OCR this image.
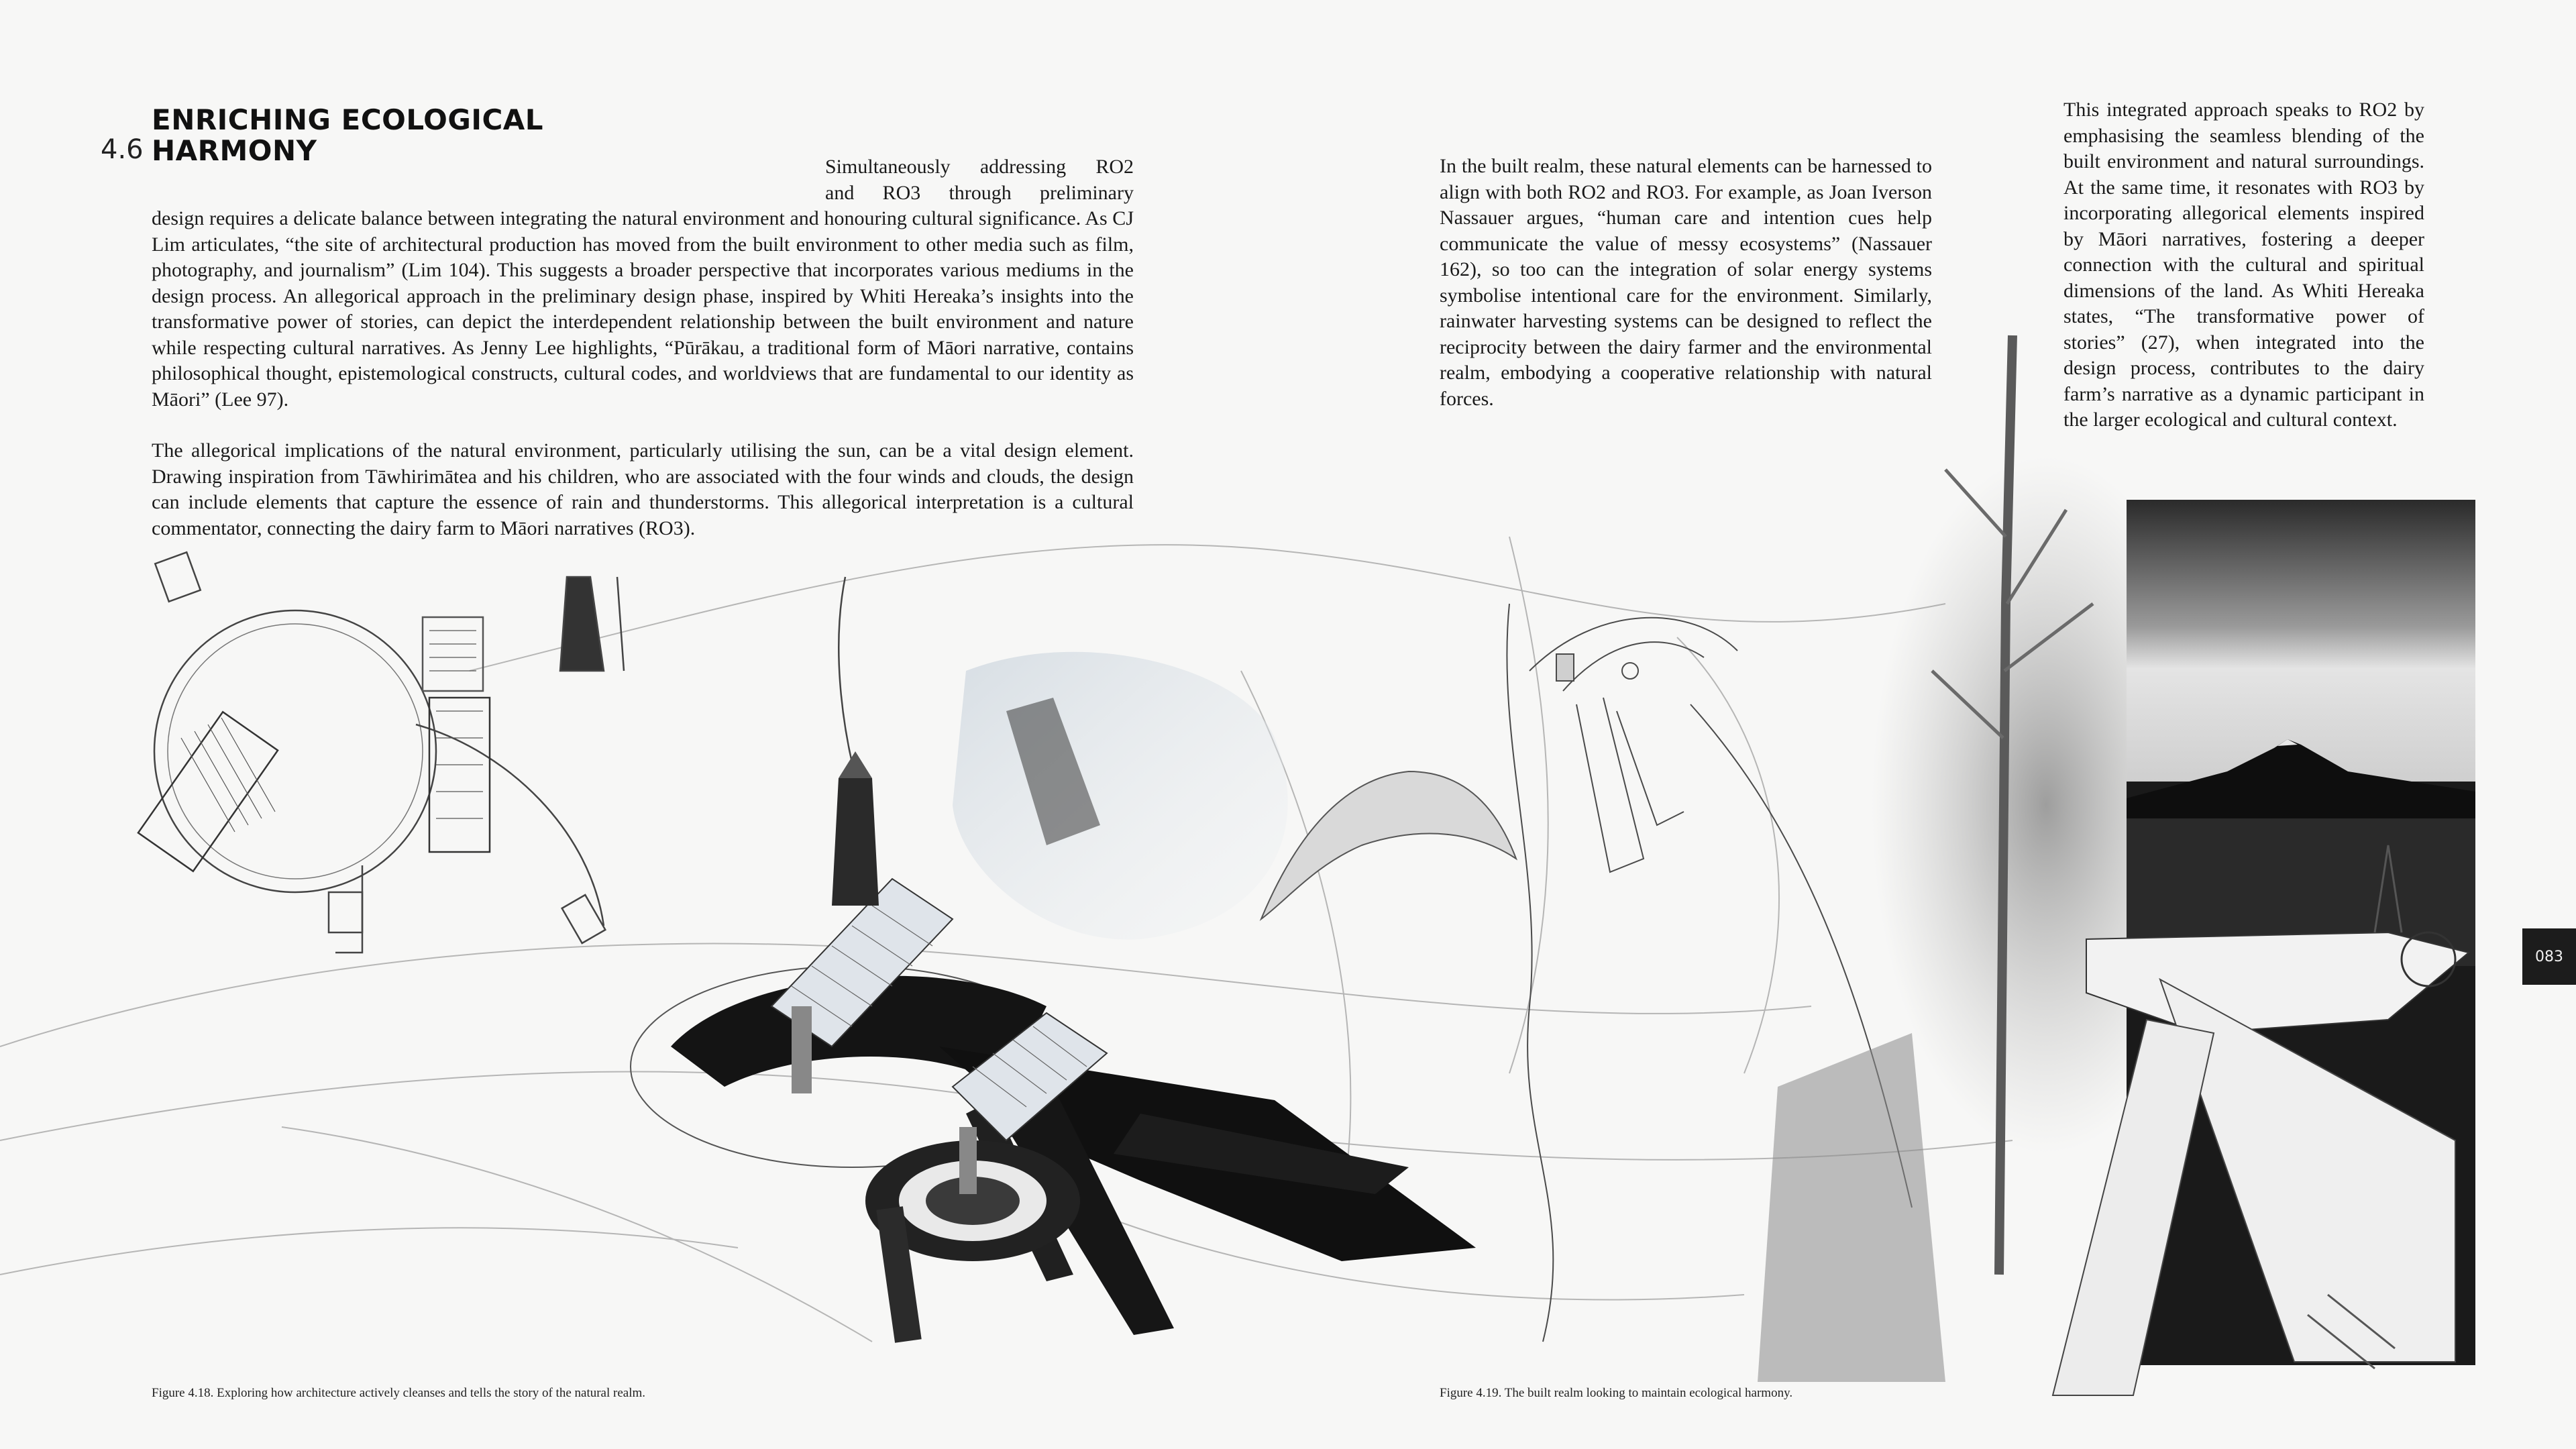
4.6
ENRICHING ECOLOGICAL
HARMONY	Simultaneously addressing RO2
and RO3 through preliminary
design requires a delicate balance between integrating the natural environment and honouring cultural significance. As CJ Lim articulates, “the site of architectural production has moved from the built environment to other media such as film, photography, and journalism” (Lim 104). This suggests a broader perspective that incorporates various mediums in the design process. An allegorical approach in the preliminary design phase, inspired by Whiti Hereaka’s insights into the transformative power of stories, can depict the interdependent relationship between the built environment and nature while respecting cultural narratives. As Jenny Lee highlights, “Pūrākau, a traditional form of Māori narrative, contains philosophical thought, epistemological constructs, cultural codes, and worldviews that are fundamental to our identity as Māori” (Lee 97).

The allegorical implications of the natural environment, particularly utilising the sun, can be a vital design element. Drawing inspiration from Tāwhirimātea and his children, who are associated with the four winds and clouds, the design can include elements that capture the essence of rain and thunderstorms. This allegorical interpretation is a cultural commentator, connecting the dairy farm to Māori narratives (RO3).

In the built realm, these natural elements can be harnessed to align with both RO2 and RO3. For example, as Joan Iverson Nassauer argues, “human care and intention cues help communicate the value of messy ecosystems” (Nassauer 162), so too can the integration of solar energy systems symbolise intentional care for the environment. Similarly, rainwater harvesting systems can be designed to reflect the reciprocity between the dairy farmer and the environmental realm, embodying a cooperative relationship with natural forces.

This integrated approach speaks to RO2 by emphasising the seamless blending of the built environment and natural surroundings. At the same time, it resonates with RO3 by incorporating allegorical elements inspired by Māori narratives, fostering a deeper connection with the cultural and spiritual dimensions of the land. As Whiti Hereaka states, “The transformative power of stories” (27), when integrated into the design process, contributes to the dairy farm’s narrative as a dynamic participant in the larger ecological and cultural context.

Figure 4.18. Exploring how architecture actively cleanses and tells the story of the natural realm.	Figure 4.19. The built realm looking to maintain ecological harmony.
083
